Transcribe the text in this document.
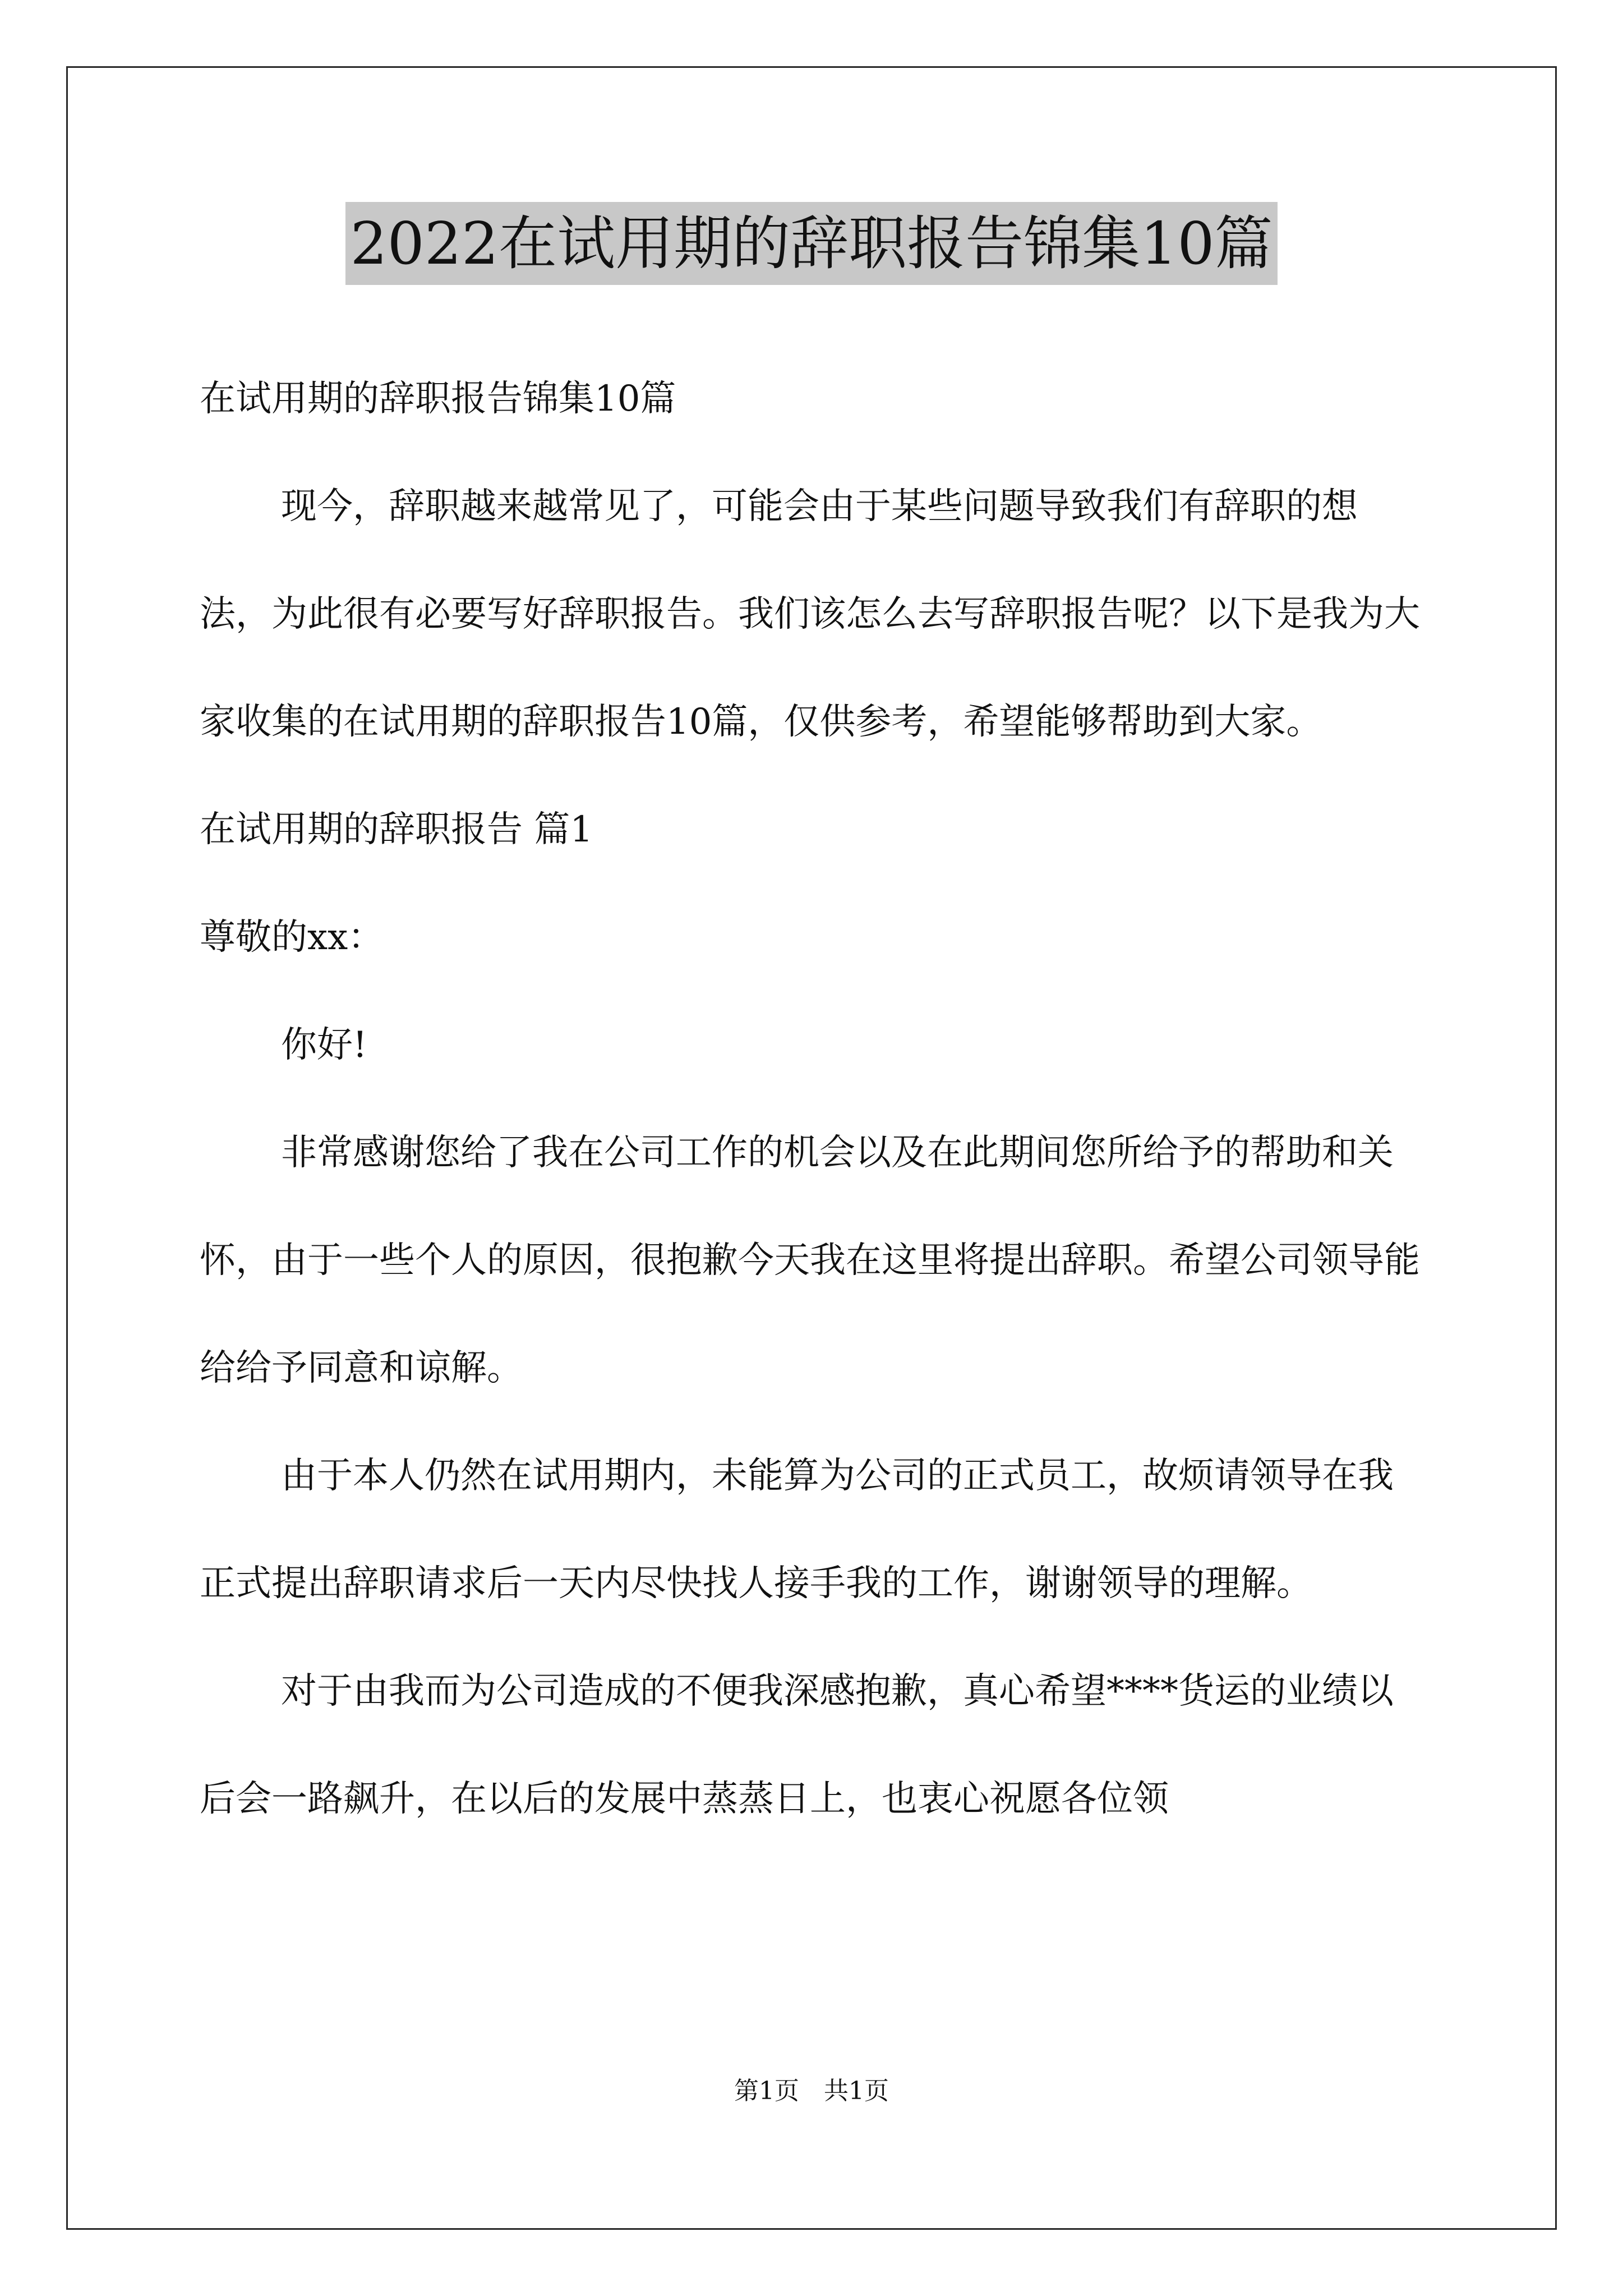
2022在试用期的辞职报告锦集10篇

在试用期的辞职报告锦集10篇

现今，辞职越来越常见了，可能会由于某些问题导致我们有辞职的想法，为此很有必要写好辞职报告。我们该怎么去写辞职报告呢？以下是我为大家收集的在试用期的辞职报告10篇，仅供参考，希望能够帮助到大家。

在试用期的辞职报告 篇1

尊敬的xx：

你好!

非常感谢您给了我在公司工作的机会以及在此期间您所给予的帮助和关怀，由于一些个人的原因，很抱歉今天我在这里将提出辞职。希望公司领导能给给予同意和谅解。

由于本人仍然在试用期内，未能算为公司的正式员工，故烦请领导在我正式提出辞职请求后一天内尽快找人接手我的工作，谢谢领导的理解。

对于由我而为公司造成的不便我深感抱歉，真心希望****货运的业绩以后会一路飙升，在以后的发展中蒸蒸日上，也衷心祝愿各位领

第1页　共1页
